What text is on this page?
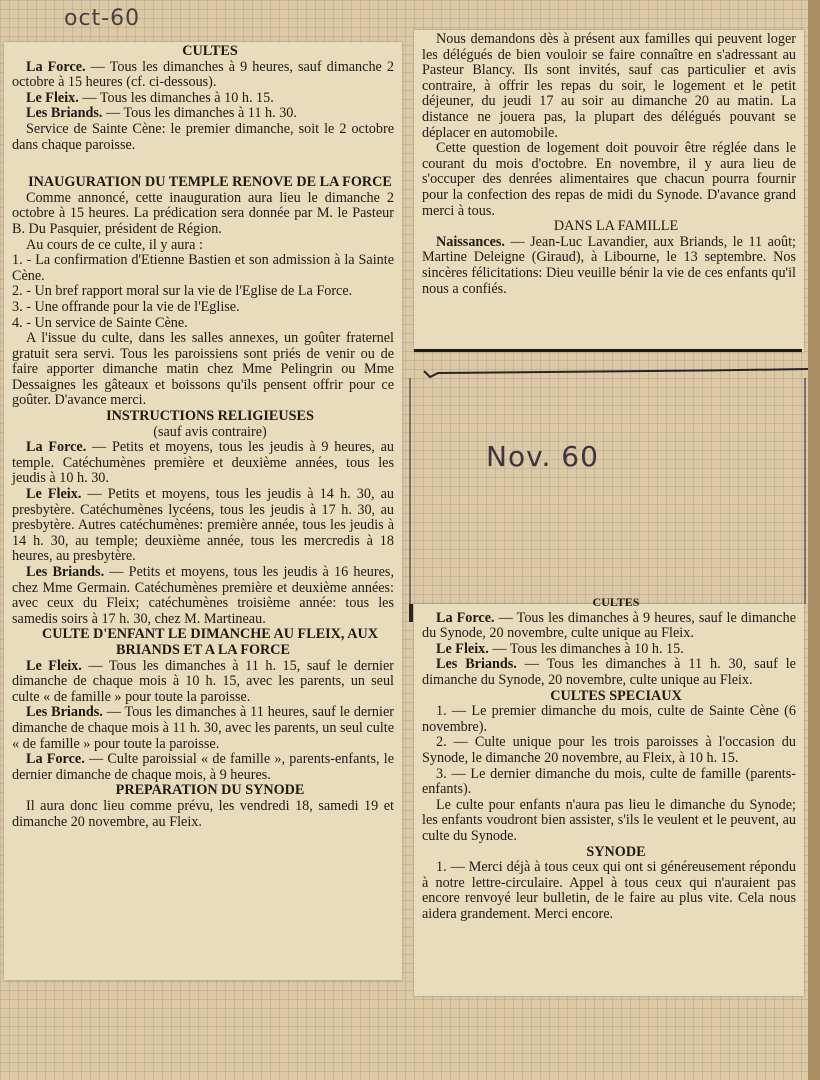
oct-60

CULTES

La Force. — Tous les dimanches à 9 heures, sauf dimanche 2 octobre à 15 heures (cf. ci-dessous).

Le Fleix. — Tous les dimanches à 10 h. 15.

Les Briands. — Tous les dimanches à 11 h. 30.

Service de Sainte Cène: le premier dimanche, soit le 2 octobre dans chaque paroisse.

INAUGURATION DU TEMPLE RENOVE DE LA FORCE

Comme annoncé, cette inauguration aura lieu le dimanche 2 octobre à 15 heures. La prédication sera donnée par M. le Pasteur B. Du Pasquier, président de Région.

Au cours de ce culte, il y aura :

1. - La confirmation d'Etienne Bastien et son admission à la Sainte Cène.

2. - Un bref rapport moral sur la vie de l'Eglise de La Force.

3. - Une offrande pour la vie de l'Eglise.

4. - Un service de Sainte Cène.

A l'issue du culte, dans les salles annexes, un goûter fraternel gratuit sera servi. Tous les paroissiens sont priés de venir ou de faire apporter dimanche matin chez Mme Pelingrin ou Mme Dessaignes les gâteaux et boissons qu'ils pensent offrir pour ce goûter. D'avance merci.

INSTRUCTIONS RELIGIEUSES

(sauf avis contraire)

La Force. — Petits et moyens, tous les jeudis à 9 heures, au temple. Catéchumènes première et deuxième années, tous les jeudis à 10 h. 30.

Le Fleix. — Petits et moyens, tous les jeudis à 14 h. 30, au presbytère. Catéchumènes lycéens, tous les jeudis à 17 h. 30, au presbytère. Autres catéchumènes: première année, tous les jeudis à 14 h. 30, au temple; deuxième année, tous les mercredis à 18 heures, au presbytère.

Les Briands. — Petits et moyens, tous les jeudis à 16 heures, chez Mme Germain. Catéchumènes première et deuxième années: avec ceux du Fleix; catéchumènes troisième année: tous les samedis soirs à 17 h. 30, chez M. Martineau.

CULTE D'ENFANT LE DIMANCHE AU FLEIX, AUX BRIANDS ET A LA FORCE

Le Fleix. — Tous les dimanches à 11 h. 15, sauf le dernier dimanche de chaque mois à 10 h. 15, avec les parents, un seul culte « de famille » pour toute la paroisse.

Les Briands. — Tous les dimanches à 11 heures, sauf le dernier dimanche de chaque mois à 11 h. 30, avec les parents, un seul culte « de famille » pour toute la paroisse.

La Force. — Culte paroissial « de famille », parents-enfants, le dernier dimanche de chaque mois, à 9 heures.

PREPARATION DU SYNODE

Il aura donc lieu comme prévu, les vendredi 18, samedi 19 et dimanche 20 novembre, au Fleix.

Nous demandons dès à présent aux familles qui peuvent loger les délégués de bien vouloir se faire connaître en s'adressant au Pasteur Blancy. Ils sont invités, sauf cas particulier et avis contraire, à offrir les repas du soir, le logement et le petit déjeuner, du jeudi 17 au soir au dimanche 20 au matin. La distance ne jouera pas, la plupart des délégués pouvant se déplacer en automobile.

Cette question de logement doit pouvoir être réglée dans le courant du mois d'octobre. En novembre, il y aura lieu de s'occuper des denrées alimentaires que chacun pourra fournir pour la confection des repas de midi du Synode. D'avance grand merci à tous.

DANS LA FAMILLE

Naissances. — Jean-Luc Lavandier, aux Briands, le 11 août; Martine Deleigne (Giraud), à Libourne, le 13 septembre. Nos sincères félicitations: Dieu veuille bénir la vie de ces enfants qu'il nous a confiés.

Nov. 60

CULTES

La Force. — Tous les dimanches à 9 heures, sauf le dimanche du Synode, 20 novembre, culte unique au Fleix.

Le Fleix. — Tous les dimanches à 10 h. 15.

Les Briands. — Tous les dimanches à 11 h. 30, sauf le dimanche du Synode, 20 novembre, culte unique au Fleix.

CULTES SPECIAUX

1. — Le premier dimanche du mois, culte de Sainte Cène (6 novembre).

2. — Culte unique pour les trois paroisses à l'occasion du Synode, le dimanche 20 novembre, au Fleix, à 10 h. 15.

3. — Le dernier dimanche du mois, culte de famille (parents-enfants).

Le culte pour enfants n'aura pas lieu le dimanche du Synode; les enfants voudront bien assister, s'ils le veulent et le peuvent, au culte du Synode.

SYNODE

1. — Merci déjà à tous ceux qui ont si généreusement répondu à notre lettre-circulaire. Appel à tous ceux qui n'auraient pas encore renvoyé leur bulletin, de le faire au plus vite. Cela nous aidera grandement. Merci encore.
